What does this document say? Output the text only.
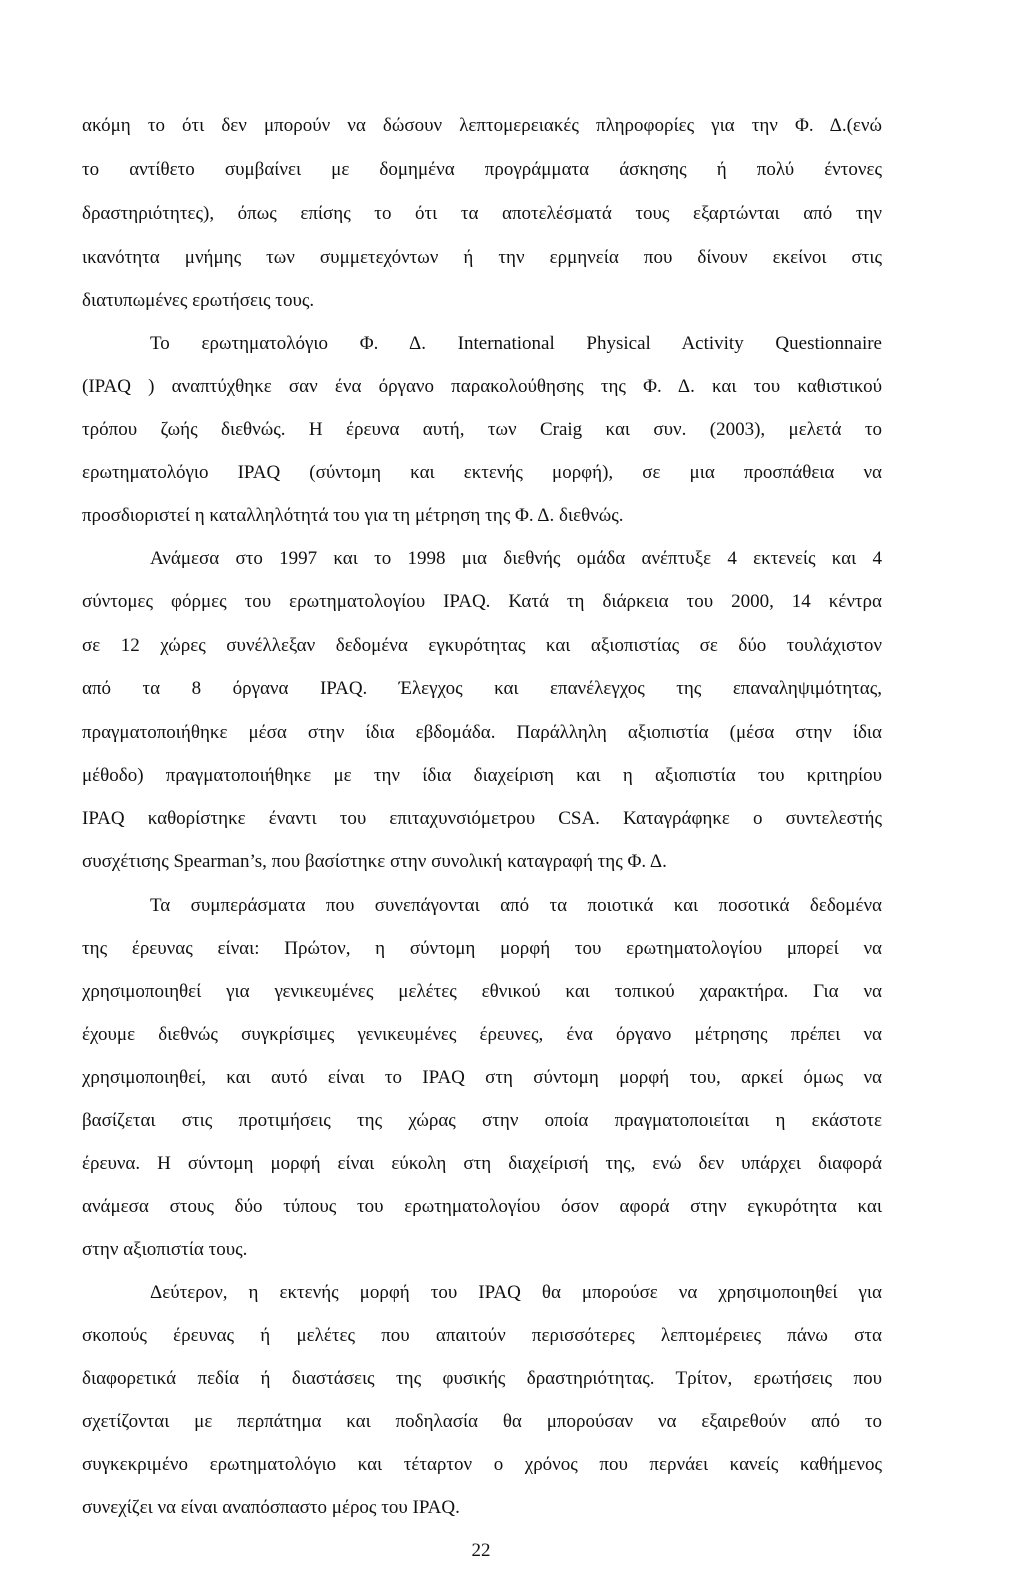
ακόμη το ότι δεν μπορούν να δώσουν λεπτομερειακές πληροφορίες για την Φ. Δ.(ενώ
το αντίθετο συμβαίνει με δομημένα προγράμματα άσκησης ή πολύ έντονες
δραστηριότητες), όπως επίσης το ότι τα αποτελέσματά τους εξαρτώνται από την
ικανότητα μνήμης των συμμετεχόντων ή την ερμηνεία που δίνουν εκείνοι στις
διατυπωμένες ερωτήσεις τους.
Το ερωτηματολόγιο Φ. Δ. International Physical Activity Questionnaire
(IPAQ ) αναπτύχθηκε σαν ένα όργανο παρακολούθησης της Φ. Δ. και του καθιστικού
τρόπου ζωής διεθνώς. Η έρευνα αυτή, των Craig και συν. (2003), μελετά το
ερωτηματολόγιο IPAQ (σύντομη και εκτενής μορφή), σε μια προσπάθεια να
προσδιοριστεί η καταλληλότητά του για τη μέτρηση της Φ. Δ. διεθνώς.
Ανάμεσα στο 1997 και το 1998 μια διεθνής ομάδα ανέπτυξε 4 εκτενείς και 4
σύντομες φόρμες του ερωτηματολογίου IPAQ. Κατά τη διάρκεια του 2000, 14 κέντρα
σε 12 χώρες συνέλλεξαν δεδομένα εγκυρότητας και αξιοπιστίας σε δύο τουλάχιστον
από τα 8 όργανα IPAQ. Έλεγχος και επανέλεγχος της επαναληψιμότητας,
πραγματοποιήθηκε μέσα στην ίδια εβδομάδα. Παράλληλη αξιοπιστία (μέσα στην ίδια
μέθοδο) πραγματοποιήθηκε με την ίδια διαχείριση και η αξιοπιστία του κριτηρίου
IPAQ καθορίστηκε έναντι του επιταχυνσιόμετρου CSA. Καταγράφηκε ο συντελεστής
συσχέτισης Spearman’s, που βασίστηκε στην συνολική καταγραφή της Φ. Δ.
Τα συμπεράσματα που συνεπάγονται από τα ποιοτικά και ποσοτικά δεδομένα
της έρευνας είναι: Πρώτον, η σύντομη μορφή του ερωτηματολογίου μπορεί να
χρησιμοποιηθεί για γενικευμένες μελέτες εθνικού και τοπικού χαρακτήρα. Για να
έχουμε διεθνώς συγκρίσιμες γενικευμένες έρευνες, ένα όργανο μέτρησης πρέπει να
χρησιμοποιηθεί, και αυτό είναι το IPAQ στη σύντομη μορφή του, αρκεί όμως να
βασίζεται στις προτιμήσεις της χώρας στην οποία πραγματοποιείται η εκάστοτε
έρευνα. Η σύντομη μορφή είναι εύκολη στη διαχείρισή της, ενώ δεν υπάρχει διαφορά
ανάμεσα στους δύο τύπους του ερωτηματολογίου όσον αφορά στην εγκυρότητα και
στην αξιοπιστία τους.
Δεύτερον, η εκτενής μορφή του IPAQ θα μπορούσε να χρησιμοποιηθεί για
σκοπούς έρευνας ή μελέτες που απαιτούν περισσότερες λεπτομέρειες πάνω στα
διαφορετικά πεδία ή διαστάσεις της φυσικής δραστηριότητας. Τρίτον, ερωτήσεις που
σχετίζονται με περπάτημα και ποδηλασία θα μπορούσαν να εξαιρεθούν από το
συγκεκριμένο ερωτηματολόγιο και τέταρτον ο χρόνος που περνάει κανείς καθήμενος
συνεχίζει να είναι αναπόσπαστο μέρος του IPAQ.
22
